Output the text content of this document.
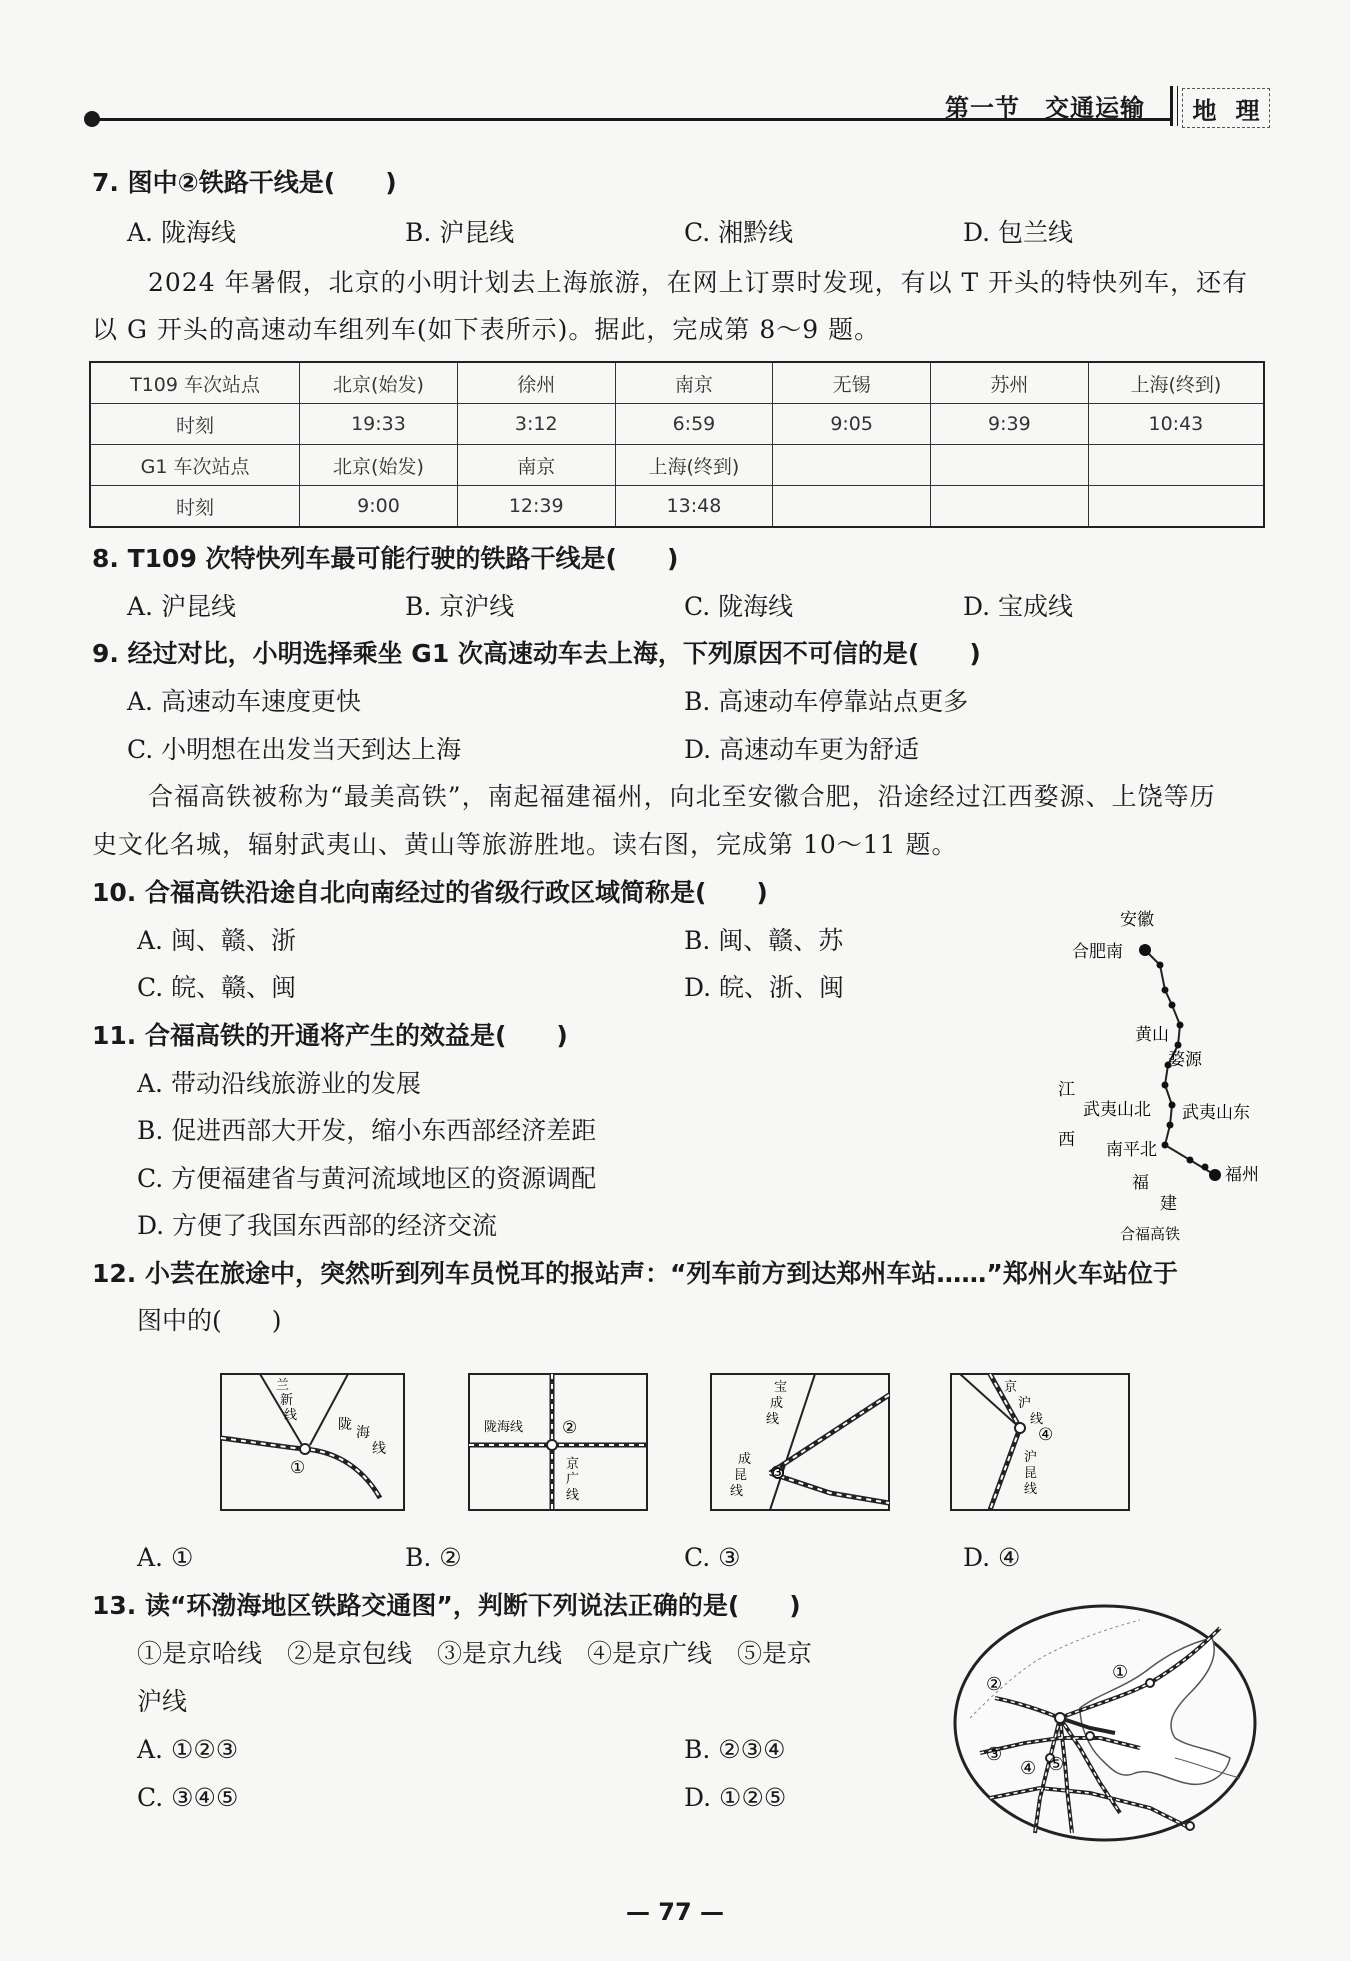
第一节　交通运输 地 理
7. 图中②铁路干线是(　　)
A. 陇海线	B. 沪昆线	C. 湘黔线	D. 包兰线
2024 年暑假，北京的小明计划去上海旅游，在网上订票时发现，有以 T 开头的特快列车，还有
以 G 开头的高速动车组列车(如下表所示)。据此，完成第 8～9 题。
T109 车次站点	北京(始发)	徐州	南京	无锡	苏州	上海(终到)
时刻	19:33	3:12	6:59	9:05	9:39	10:43
G1 车次站点	北京(始发)	南京	上海(终到)			
时刻	9:00	12:39	13:48			
8. T109 次特快列车最可能行驶的铁路干线是(　　)
A. 沪昆线	B. 京沪线	C. 陇海线	D. 宝成线
9. 经过对比，小明选择乘坐 G1 次高速动车去上海，下列原因不可信的是(　　)
A. 高速动车速度更快	B. 高速动车停靠站点更多
C. 小明想在出发当天到达上海	D. 高速动车更为舒适
合福高铁被称为“最美高铁”，南起福建福州，向北至安徽合肥，沿途经过江西婺源、上饶等历
史文化名城，辐射武夷山、黄山等旅游胜地。读右图，完成第 10～11 题。
10. 合福高铁沿途自北向南经过的省级行政区域简称是(　　)
A. 闽、赣、浙	B. 闽、赣、苏
C. 皖、赣、闽	D. 皖、浙、闽
11. 合福高铁的开通将产生的效益是(　　)
A. 带动沿线旅游业的发展
B. 促进西部大开发，缩小东西部经济差距
C. 方便福建省与黄河流域地区的资源调配
D. 方便了我国东西部的经济交流
安徽
合肥南
黄山
婺源
江
武夷山北 武夷山东
西 南平北
福州
福
建
合福高铁
12. 小芸在旅途中，突然听到列车员悦耳的报站声：“列车前方到达郑州车站……”郑州火车站位于
图中的(　　)
兰
新
线
陇 海
线
①
陇海线 ②
京
广
线
宝
成
线
成
昆
线
③
京
沪
线
④
沪
昆
线
A. ①	B. ②	C. ③	D. ④
13. 读“环渤海地区铁路交通图”，判断下列说法正确的是(　　)
①是京哈线　②是京包线　③是京九线　④是京广线　⑤是京
沪线
A. ①②③	B. ②③④
C. ③④⑤	D. ①②⑤
①
②
③
④ ⑤
— 77 —
